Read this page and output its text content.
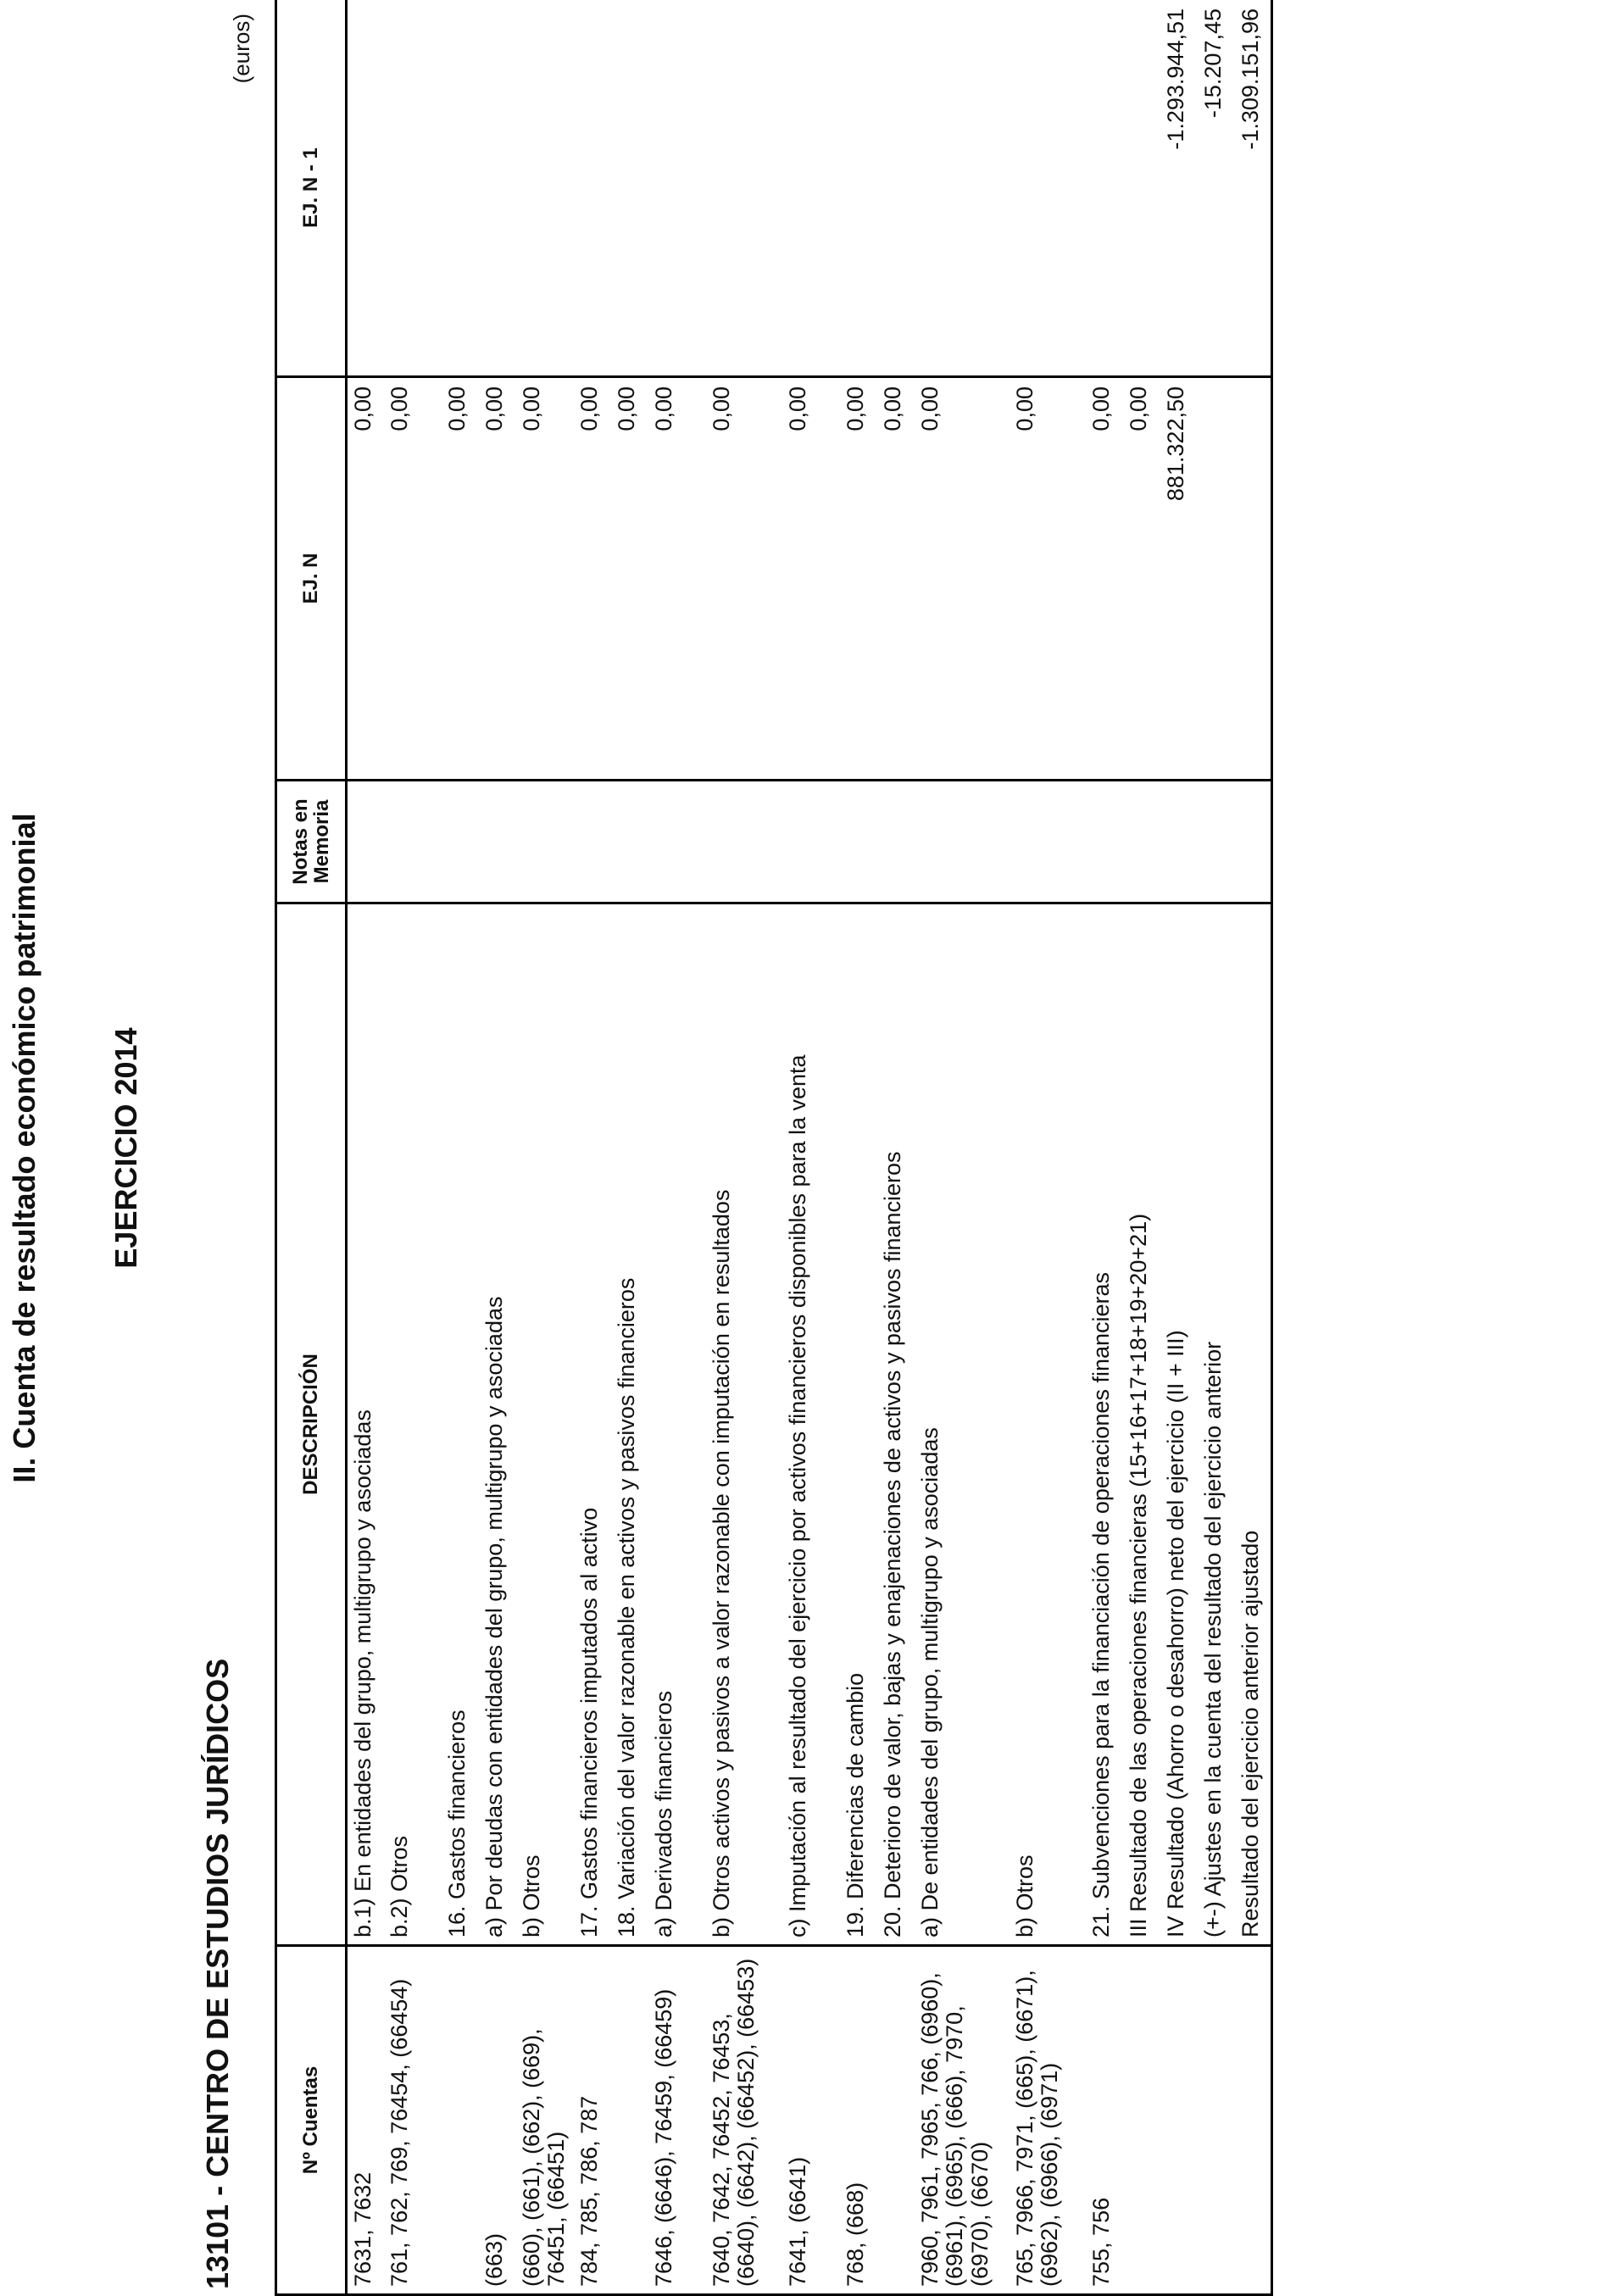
II. Cuenta de resultado económico patrimonial EJERCICIO 2014
13101 - CENTRO DE ESTUDIOS JURÍDICOS
(euros)
Nº Cuentas	DESCRIPCIÓN	Notas en Memoria	EJ. N	EJ. N - 1
7631, 7632	b.1) En entidades del grupo, multigrupo y asociadas		0,00	
761, 762, 769, 76454, (66454)	b.2) Otros		0,00	
	16. Gastos financieros		0,00	
(663)	a) Por deudas con entidades del grupo, multigrupo y asociadas		0,00	
(660), (661), (662), (669), 76451, (66451)	b) Otros		0,00	
784, 785, 786, 787	17. Gastos financieros imputados al activo		0,00	
	18. Variación del valor razonable en activos y pasivos financieros		0,00	
7646, (6646), 76459, (66459)	a) Derivados financieros		0,00	
7640, 7642, 76452, 76453, (6640), (6642), (66452), (66453)	b) Otros activos y pasivos a valor razonable con imputación en resultados		0,00	
7641, (6641)	c) Imputación al resultado del ejercicio por activos financieros disponibles para la venta		0,00	
768, (668)	19. Diferencias de cambio		0,00	
	20. Deterioro de valor, bajas y enajenaciones de activos y pasivos financieros		0,00	
7960, 7961, 7965, 766, (6960), (6961), (6965), (666), 7970, (6970), (6670)	a) De entidades del grupo, multigrupo y asociadas		0,00	
765, 7966, 7971, (665), (6671), (6962), (6966), (6971)	b) Otros		0,00	
755, 756	21. Subvenciones para la financiación de operaciones financieras		0,00	
	III Resultado de las operaciones financieras (15+16+17+18+19+20+21)		0,00	
	IV Resultado (Ahorro o desahorro) neto del ejercicio (II + III)		881.322,50	-1.293.944,51
	(+-) Ajustes en la cuenta del resultado del ejercicio anterior			-15.207,45
	Resultado del ejercicio anterior ajustado			-1.309.151,96
